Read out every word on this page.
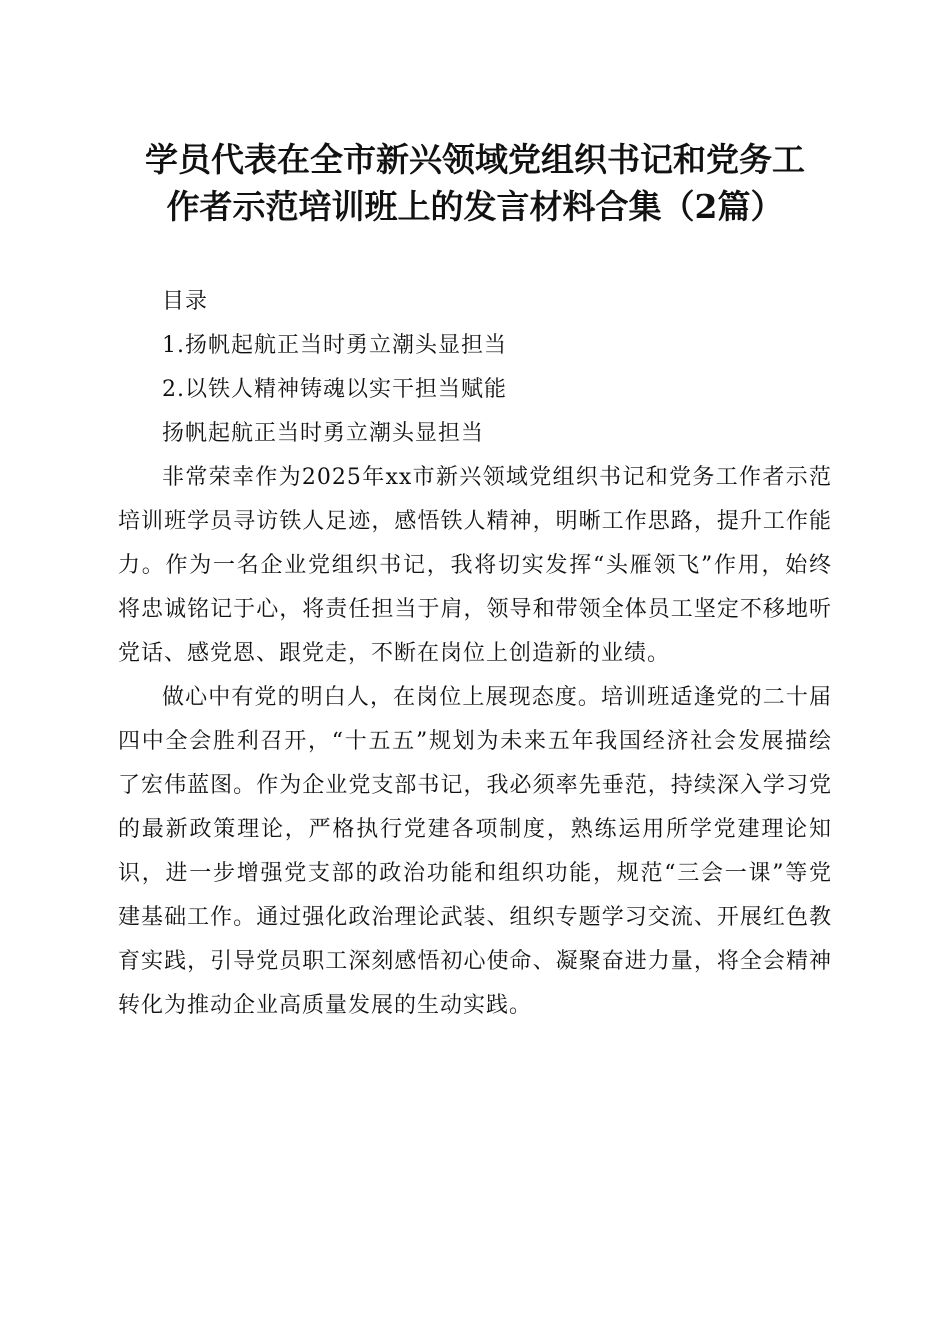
学员代表在全市新兴领域党组织书记和党务工
作者示范培训班上的发言材料合集（2篇）

目录

1.扬帆起航正当时勇立潮头显担当

2.以铁人精神铸魂以实干担当赋能

扬帆起航正当时勇立潮头显担当

非常荣幸作为2025年xx市新兴领域党组织书记和党务工作者示范培训班学员寻访铁人足迹，感悟铁人精神，明晰工作思路，提升工作能力。作为一名企业党组织书记，我将切实发挥“头雁领飞”作用，始终将忠诚铭记于心，将责任担当于肩，领导和带领全体员工坚定不移地听党话、感党恩、跟党走，不断在岗位上创造新的业绩。

做心中有党的明白人，在岗位上展现态度。培训班适逢党的二十届四中全会胜利召开，“十五五”规划为未来五年我国经济社会发展描绘了宏伟蓝图。作为企业党支部书记，我必须率先垂范，持续深入学习党的最新政策理论，严格执行党建各项制度，熟练运用所学党建理论知识，进一步增强党支部的政治功能和组织功能，规范“三会一课”等党建基础工作。通过强化政治理论武装、组织专题学习交流、开展红色教育实践，引导党员职工深刻感悟初心使命、凝聚奋进力量，将全会精神转化为推动企业高质量发展的生动实践。
